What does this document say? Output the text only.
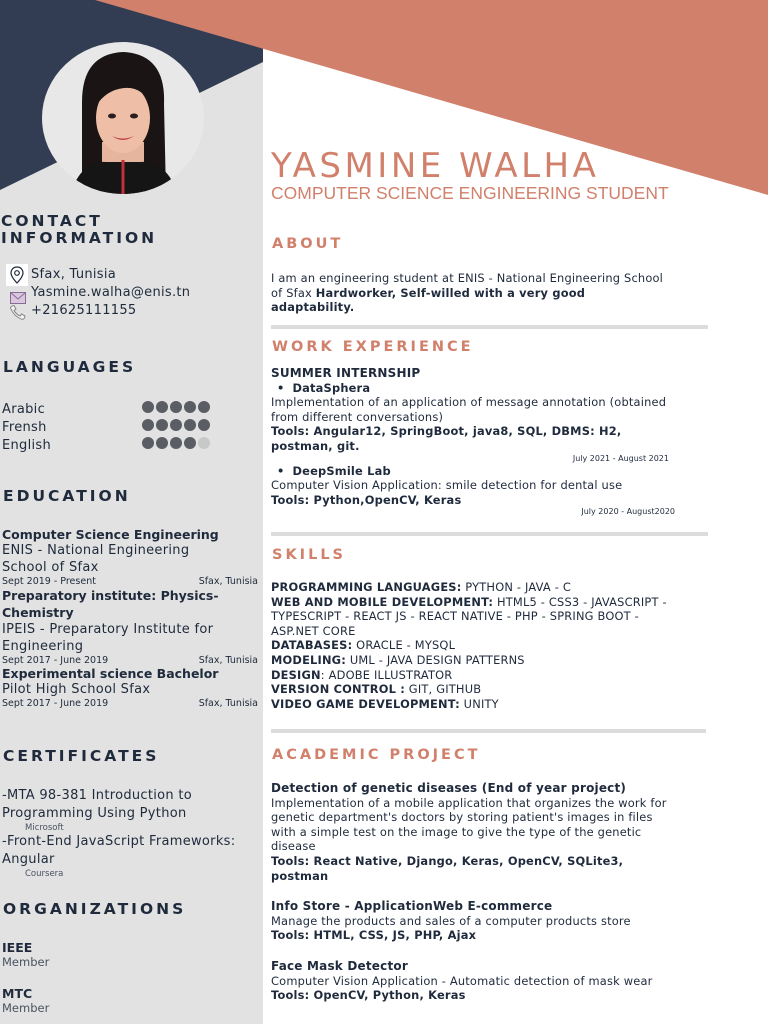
YASMINE WALHA
COMPUTER SCIENCE ENGINEERING STUDENT
CONTACT
INFORMATION
Sfax, Tunisia
Yasmine.walha@enis.tn
+21625111155
LANGUAGES
Arabic
Frensh
English
EDUCATION
Computer Science Engineering
ENIS - National Engineering School of Sfax
Sept 2019 - Present	Sfax, Tunisia
Preparatory institute: Physics-Chemistry
IPEIS - Preparatory Institute for Engineering
Sept 2017 - June 2019	Sfax, Tunisia
Experimental science Bachelor
Pilot High School Sfax
Sept 2017 - June 2019	Sfax, Tunisia
CERTIFICATES
-MTA 98-381 Introduction to Programming Using Python
Microsoft
-Front-End JavaScript Frameworks: Angular
Coursera
ORGANIZATIONS
IEEE
Member
MTC
Member
ABOUT
I am an engineering student at ENIS - National Engineering School of Sfax Hardworker, Self-willed with a very good adaptability.
WORK EXPERIENCE
SUMMER INTERNSHIP
• DataSphera
Implementation of an application of message annotation (obtained from different conversations)
Tools: Angular12, SpringBoot, java8, SQL, DBMS: H2, postman, git.
July 2021 - August 2021
• DeepSmile Lab
Computer Vision Application: smile detection for dental use
Tools: Python,OpenCV, Keras
July 2020 - August2020
SKILLS
PROGRAMMING LANGUAGES: PYTHON - JAVA - C
WEB AND MOBILE DEVELOPMENT: HTML5 - CSS3 - JAVASCRIPT - TYPESCRIPT - REACT JS - REACT NATIVE - PHP - SPRING BOOT - ASP.NET CORE
DATABASES: ORACLE - MYSQL
MODELING: UML - JAVA DESIGN PATTERNS
DESIGN: ADOBE ILLUSTRATOR
VERSION CONTROL : GIT, GITHUB
VIDEO GAME DEVELOPMENT: UNITY
ACADEMIC PROJECT
Detection of genetic diseases (End of year project)
Implementation of a mobile application that organizes the work for genetic department's doctors by storing patient's images in files with a simple test on the image to give the type of the genetic disease
Tools: React Native, Django, Keras, OpenCV, SQLite3, postman
Info Store - ApplicationWeb E-commerce
Manage the products and sales of a computer products store
Tools: HTML, CSS, JS, PHP, Ajax
Face Mask Detector
Computer Vision Application - Automatic detection of mask wear
Tools: OpenCV, Python, Keras
